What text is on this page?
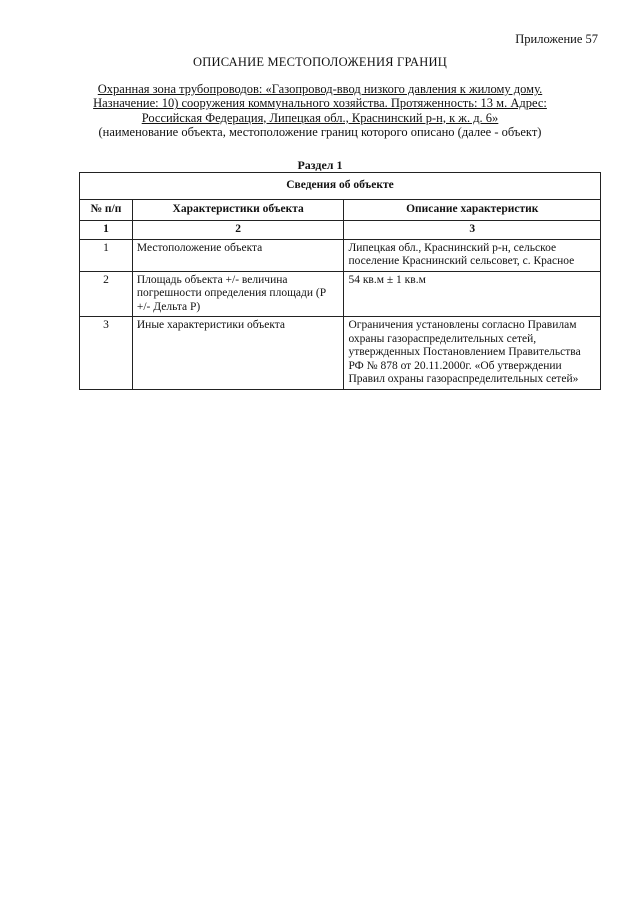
Приложение 57
ОПИСАНИЕ МЕСТОПОЛОЖЕНИЯ ГРАНИЦ
Охранная зона трубопроводов: «Газопровод-ввод низкого давления к жилому дому.
Назначение: 10) сооружения коммунального хозяйства. Протяженность: 13 м. Адрес:
Российская Федерация, Липецкая обл., Краснинский р-н, к ж. д. 6»
(наименование объекта, местоположение границ которого описано (далее - объект)
Раздел 1
Сведения об объекте		
№ п/п	Характеристики объекта	Описание характеристик
1	2	3
1	Местоположение объекта	Липецкая обл., Краснинский р-н, сельское поселение Краснинский сельсовет, с. Красное
2	Площадь объекта +/- величина погрешности определения площади (Р +/- Дельта Р)	54 кв.м ± 1 кв.м
3	Иные характеристики объекта	Ограничения установлены согласно Правилам охраны газораспределительных сетей, утвержденных Постановлением Правительства РФ № 878 от 20.11.2000г. «Об утверждении Правил охраны газораспределительных сетей»
